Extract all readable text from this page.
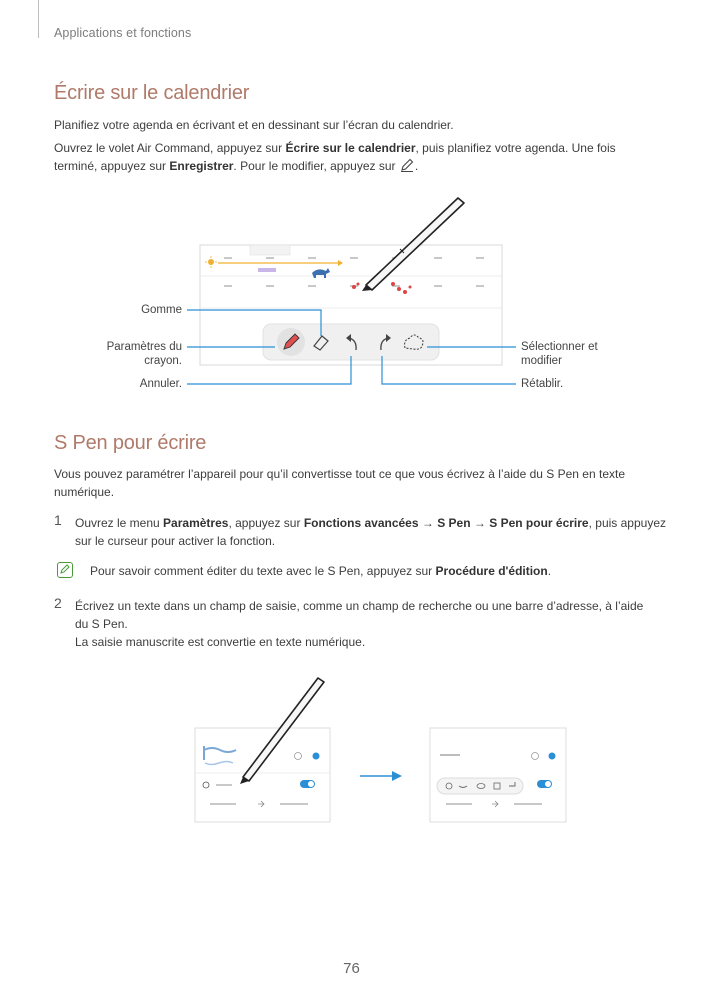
Applications et fonctions
Écrire sur le calendrier
Planifiez votre agenda en écrivant et en dessinant sur l’écran du calendrier.
Ouvrez le volet Air Command, appuyez sur Écrire sur le calendrier, puis planifiez votre agenda. Une fois
terminé, appuyez sur Enregistrer. Pour le modifier, appuyez sur .
Gomme
Paramètres du
crayon.
Annuler.
Sélectionner et
modifier
Rétablir.
S Pen pour écrire
Vous pouvez paramétrer l’appareil pour qu’il convertisse tout ce que vous écrivez à l’aide du S Pen en texte
numérique.
1 Ouvrez le menu Paramètres, appuyez sur Fonctions avancées → S Pen → S Pen pour écrire, puis appuyez
sur le curseur pour activer la fonction.
Pour savoir comment éditer du texte avec le S Pen, appuyez sur Procédure d'édition.
2 Écrivez un texte dans un champ de saisie, comme un champ de recherche ou une barre d’adresse, à l’aide
du S Pen.
La saisie manuscrite est convertie en texte numérique.
76
